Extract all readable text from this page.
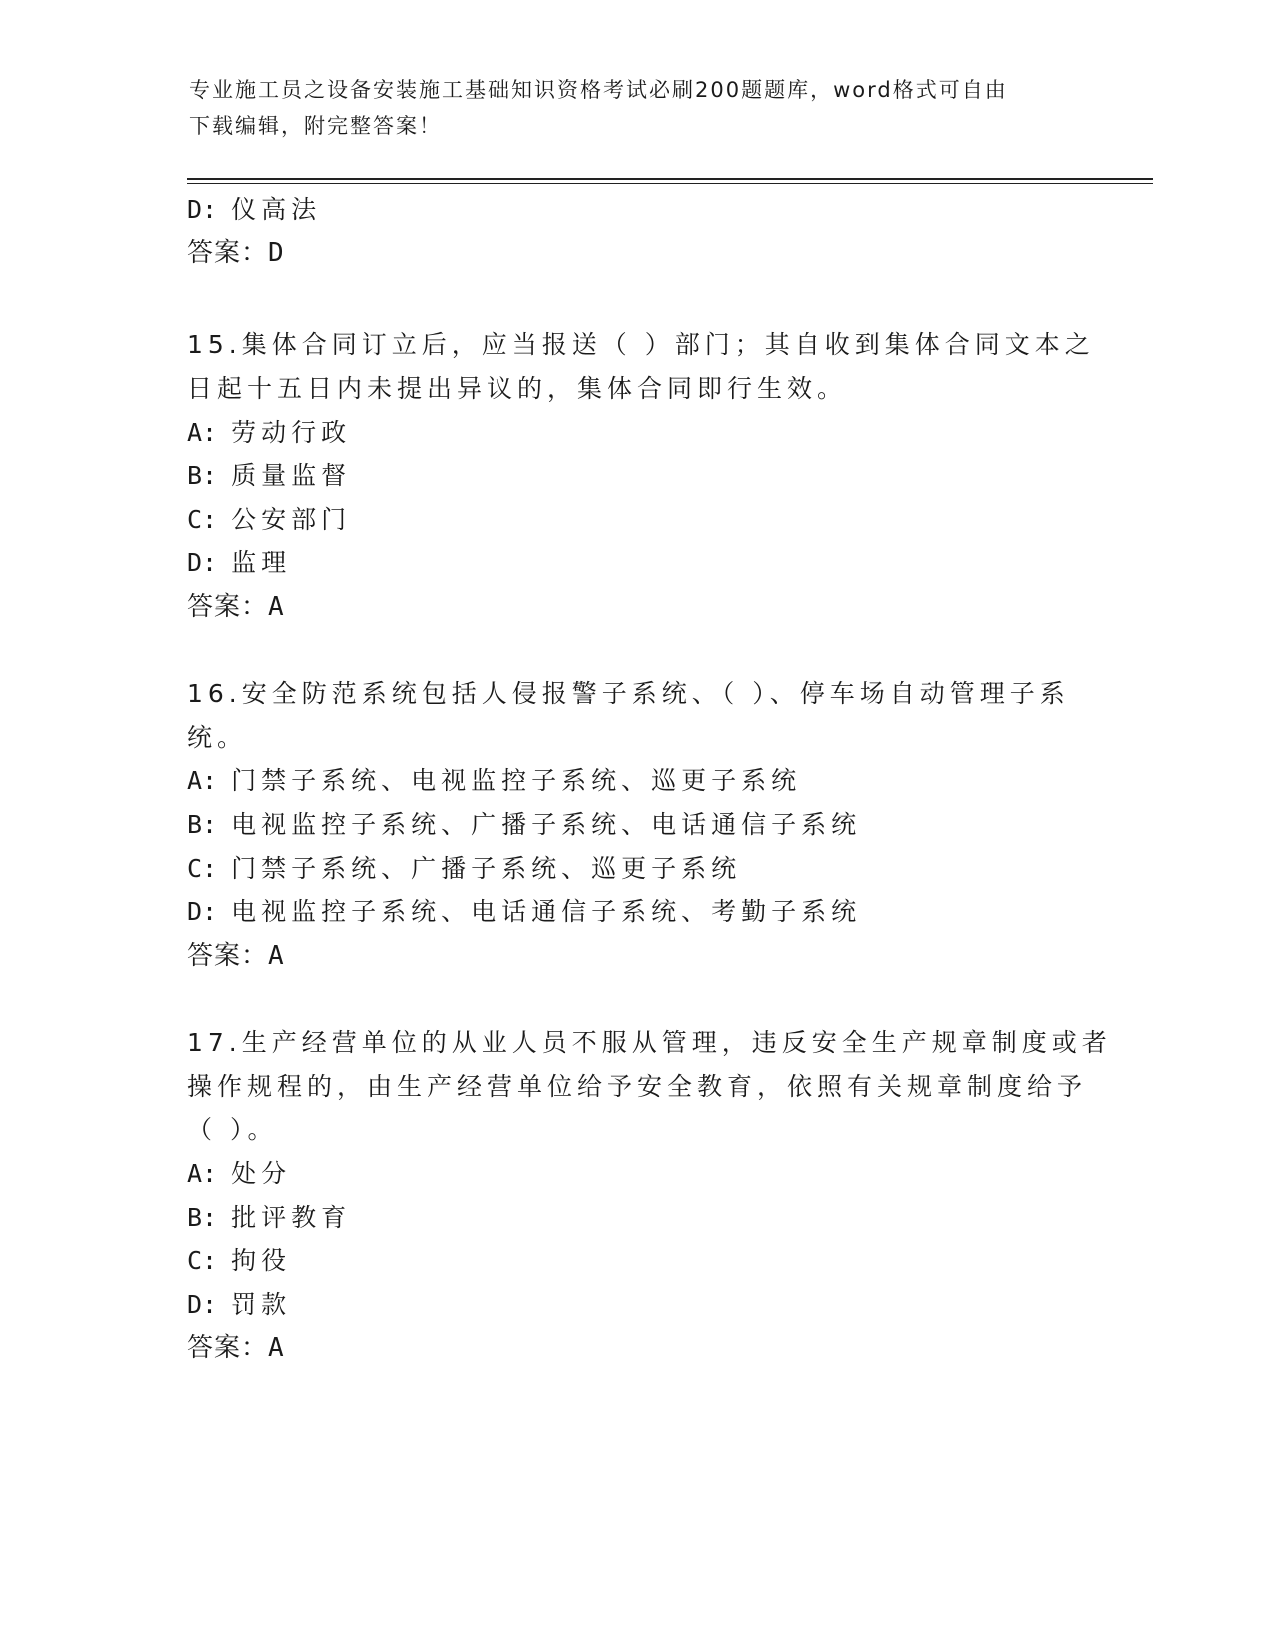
专业施工员之设备安装施工基础知识资格考试必刷200题题库，word格式可自由
下载编辑，附完整答案！
D: 仪高法
答案：D
15.集体合同订立后，应当报送（ ）部门；其自收到集体合同文本之
日起十五日内未提出异议的，集体合同即行生效。
A: 劳动行政
B: 质量监督
C: 公安部门
D: 监理
答案：A
16.安全防范系统包括人侵报警子系统、（ ）、停车场自动管理子系
统。
A: 门禁子系统、电视监控子系统、巡更子系统
B: 电视监控子系统、广播子系统、电话通信子系统
C: 门禁子系统、广播子系统、巡更子系统
D: 电视监控子系统、电话通信子系统、考勤子系统
答案：A
17.生产经营单位的从业人员不服从管理，违反安全生产规章制度或者
操作规程的，由生产经营单位给予安全教育，依照有关规章制度给予
（ ）。
A: 处分
B: 批评教育
C: 拘役
D: 罚款
答案：A
